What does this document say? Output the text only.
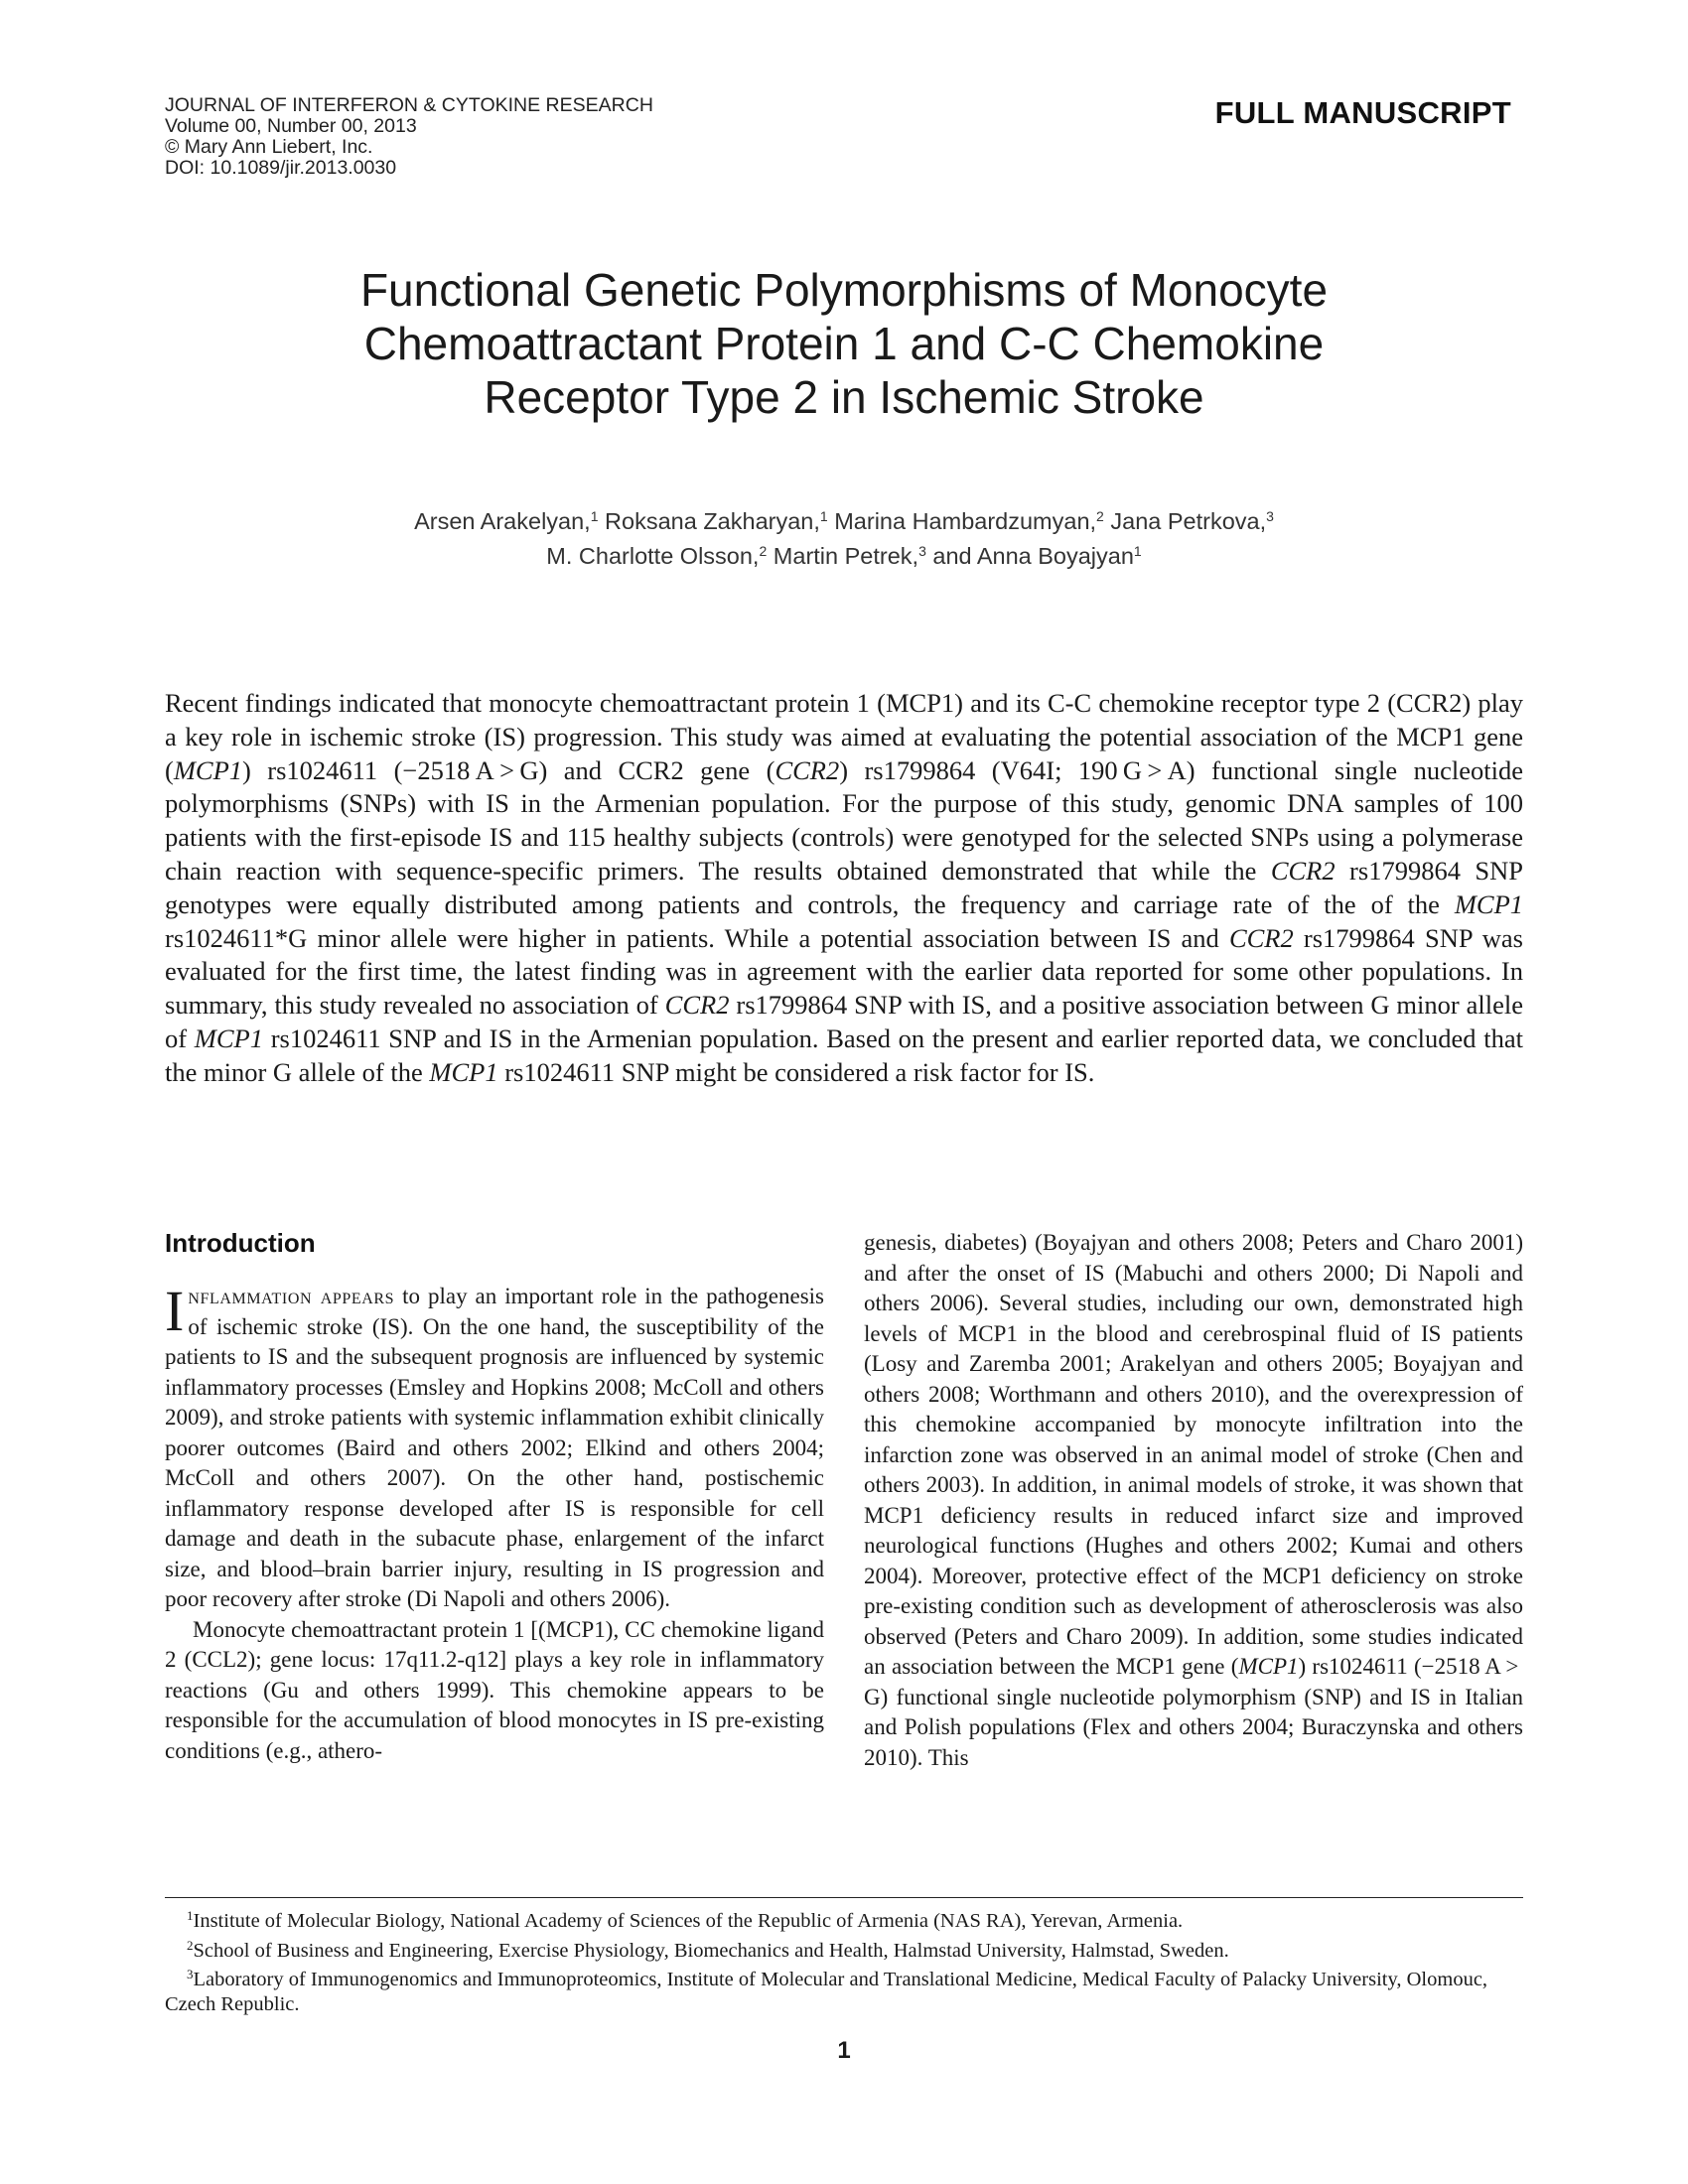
JOURNAL OF INTERFERON & CYTOKINE RESEARCH
Volume 00, Number 00, 2013
© Mary Ann Liebert, Inc.
DOI: 10.1089/jir.2013.0030
FULL MANUSCRIPT
Functional Genetic Polymorphisms of Monocyte
Chemoattractant Protein 1 and C-C Chemokine
Receptor Type 2 in Ischemic Stroke
Arsen Arakelyan,$^1$ Roksana Zakharyan,$^1$ Marina Hambardzumyan,$^2$ Jana Petrkova,$^3$
M. Charlotte Olsson,$^2$ Martin Petrek,$^3$ and Anna Boyajyan$^1$

Recent findings indicated that monocyte chemoattractant protein 1 (MCP1) and its C-C chemokine receptor type 2 (CCR2) play a key role in ischemic stroke (IS) progression. This study was aimed at evaluating the potential association of the MCP1 gene (MCP1) rs1024611 (−2518 A > G) and CCR2 gene (CCR2) rs1799864 (V64I; 190 G > A) functional single nucleotide polymorphisms (SNPs) with IS in the Armenian population. For the purpose of this study, genomic DNA samples of 100 patients with the first-episode IS and 115 healthy subjects (controls) were genotyped for the selected SNPs using a polymerase chain reaction with sequence-specific primers. The results obtained demonstrated that while the CCR2 rs1799864 SNP genotypes were equally distributed among patients and controls, the frequency and carriage rate of the of the MCP1 rs1024611*G minor allele were higher in patients. While a potential association between IS and CCR2 rs1799864 SNP was evaluated for the first time, the latest finding was in agreement with the earlier data reported for some other populations. In summary, this study revealed no association of CCR2 rs1799864 SNP with IS, and a positive association between G minor allele of MCP1 rs1024611 SNP and IS in the Armenian population. Based on the present and earlier reported data, we concluded that the minor G allele of the MCP1 rs1024611 SNP might be considered a risk factor for IS.

Introduction

Inflammation appears to play an important role in the pathogenesis of ischemic stroke (IS). On the one hand, the susceptibility of the patients to IS and the subsequent prognosis are influenced by systemic inflammatory processes (Emsley and Hopkins 2008; McColl and others 2009), and stroke patients with systemic inflammation exhibit clinically poorer outcomes (Baird and others 2002; Elkind and others 2004; McColl and others 2007). On the other hand, postischemic inflammatory response developed after IS is responsible for cell damage and death in the subacute phase, enlargement of the infarct size, and blood–brain barrier injury, resulting in IS progression and poor recovery after stroke (Di Napoli and others 2006).

Monocyte chemoattractant protein 1 [(MCP1), CC chemokine ligand 2 (CCL2); gene locus: 17q11.2-q12] plays a key role in inflammatory reactions (Gu and others 1999). This chemokine appears to be responsible for the accumulation of blood monocytes in IS pre-existing conditions (e.g., athero-

genesis, diabetes) (Boyajyan and others 2008; Peters and Charo 2001) and after the onset of IS (Mabuchi and others 2000; Di Napoli and others 2006). Several studies, including our own, demonstrated high levels of MCP1 in the blood and cerebrospinal fluid of IS patients (Losy and Zaremba 2001; Arakelyan and others 2005; Boyajyan and others 2008; Worthmann and others 2010), and the overexpression of this chemokine accompanied by monocyte infiltration into the infarction zone was observed in an animal model of stroke (Chen and others 2003). In addition, in animal models of stroke, it was shown that MCP1 deficiency results in reduced infarct size and improved neurological functions (Hughes and others 2002; Kumai and others 2004). Moreover, protective effect of the MCP1 deficiency on stroke pre-existing condition such as development of atherosclerosis was also observed (Peters and Charo 2009). In addition, some studies indicated an association between the MCP1 gene (MCP1) rs1024611 (−2518 A > G) functional single nucleotide polymorphism (SNP) and IS in Italian and Polish populations (Flex and others 2004; Buraczynska and others 2010). This

$^1$Institute of Molecular Biology, National Academy of Sciences of the Republic of Armenia (NAS RA), Yerevan, Armenia.

$^2$School of Business and Engineering, Exercise Physiology, Biomechanics and Health, Halmstad University, Halmstad, Sweden.

$^3$Laboratory of Immunogenomics and Immunoproteomics, Institute of Molecular and Translational Medicine, Medical Faculty of Palacky University, Olomouc, Czech Republic.

1
